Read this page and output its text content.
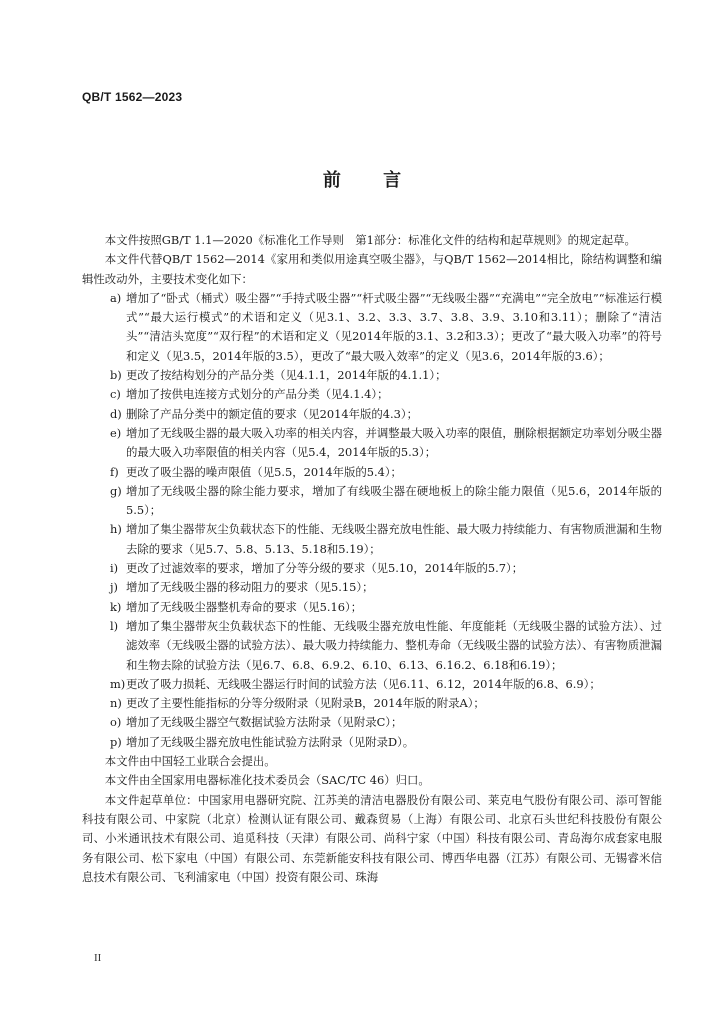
QB/T 1562—2023
前 言

本文件按照GB/T 1.1—2020《标准化工作导则　第1部分：标准化文件的结构和起草规则》的规定起草。

本文件代替QB/T 1562—2014《家用和类似用途真空吸尘器》，与QB/T 1562—2014相比，除结构调整和编辑性改动外，主要技术变化如下：

a) 增加了“卧式（桶式）吸尘器”“手持式吸尘器”“杆式吸尘器”“无线吸尘器”“充满电”“完全放电”“标准运行模式”“最大运行模式”的术语和定义（见3.1、3.2、3.3、3.7、3.8、3.9、3.10和3.11）；删除了“清洁头”“清洁头宽度”“双行程”的术语和定义（见2014年版的3.1、3.2和3.3）；更改了“最大吸入功率”的符号和定义（见3.5，2014年版的3.5），更改了“最大吸入效率”的定义（见3.6，2014年版的3.6）；

b) 更改了按结构划分的产品分类（见4.1.1，2014年版的4.1.1）；

c) 增加了按供电连接方式划分的产品分类（见4.1.4）；

d) 删除了产品分类中的额定值的要求（见2014年版的4.3）；

e) 增加了无线吸尘器的最大吸入功率的相关内容，并调整最大吸入功率的限值，删除根据额定功率划分吸尘器的最大吸入功率限值的相关内容（见5.4，2014年版的5.3）；

f) 更改了吸尘器的噪声限值（见5.5，2014年版的5.4）；

g) 增加了无线吸尘器的除尘能力要求，增加了有线吸尘器在硬地板上的除尘能力限值（见5.6，2014年版的5.5）；

h) 增加了集尘器带灰尘负载状态下的性能、无线吸尘器充放电性能、最大吸力持续能力、有害物质泄漏和生物去除的要求（见5.7、5.8、5.13、5.18和5.19）；

i) 更改了过滤效率的要求，增加了分等分级的要求（见5.10，2014年版的5.7）；

j) 增加了无线吸尘器的移动阻力的要求（见5.15）；

k) 增加了无线吸尘器整机寿命的要求（见5.16）；

l) 增加了集尘器带灰尘负载状态下的性能、无线吸尘器充放电性能、年度能耗（无线吸尘器的试验方法）、过滤效率（无线吸尘器的试验方法）、最大吸力持续能力、整机寿命（无线吸尘器的试验方法）、有害物质泄漏和生物去除的试验方法（见6.7、6.8、6.9.2、6.10、6.13、6.16.2、6.18和6.19）；

m) 更改了吸力损耗、无线吸尘器运行时间的试验方法（见6.11、6.12，2014年版的6.8、6.9）；

n) 更改了主要性能指标的分等分级附录（见附录B，2014年版的附录A）；

o) 增加了无线吸尘器空气数据试验方法附录（见附录C）；

p) 增加了无线吸尘器充放电性能试验方法附录（见附录D）。

本文件由中国轻工业联合会提出。

本文件由全国家用电器标准化技术委员会（SAC/TC 46）归口。

本文件起草单位：中国家用电器研究院、江苏美的清洁电器股份有限公司、莱克电气股份有限公司、添可智能科技有限公司、中家院（北京）检测认证有限公司、戴森贸易（上海）有限公司、北京石头世纪科技股份有限公司、小米通讯技术有限公司、追觅科技（天津）有限公司、尚科宁家（中国）科技有限公司、青岛海尔成套家电服务有限公司、松下家电（中国）有限公司、东莞新能安科技有限公司、博西华电器（江苏）有限公司、无锡睿米信息技术有限公司、飞利浦家电（中国）投资有限公司、珠海

II
